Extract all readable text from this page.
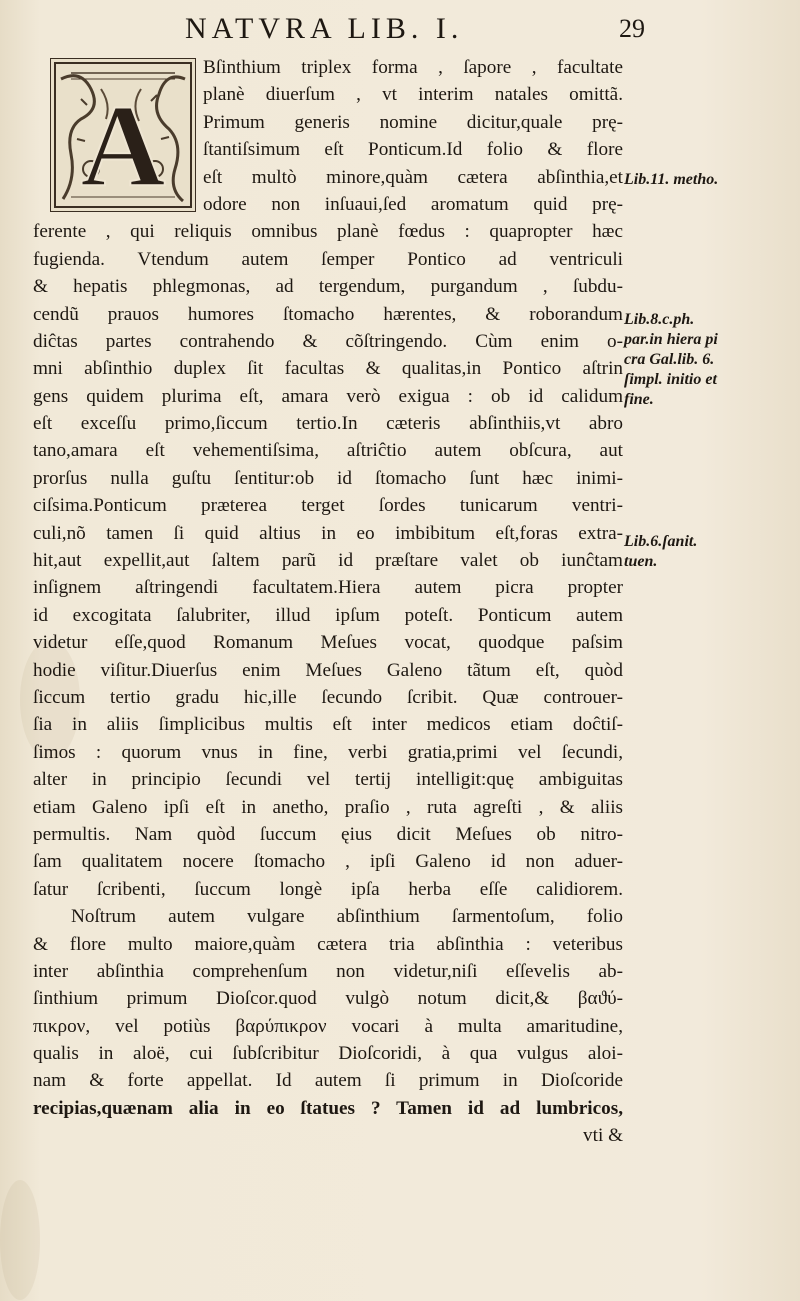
NATVRA LIB. I.	29
A
Bſinthium triplex forma , ſapore , facultate
planè diuerſum , vt interim natales omittã.
Primum generis nomine dicitur,quale prę-
ſtantiſsimum eſt Ponticum.Id folio & flore
eſt multò minore,quàm cætera abſinthia,et
odore non inſuaui,ſed aromatum quid prę-
ferente , qui reliquis omnibus planè fœdus : quapropter hæc
fugienda. Vtendum autem ſemper Pontico ad ventriculi
& hepatis phlegmonas, ad tergendum, purgandum , ſubdu-
cendũ prauos humores ſtomacho hærentes, & roborandum
diĉtas partes contrahendo & cõſtringendo. Cùm enim o-
mni abſinthio duplex ſit facultas & qualitas,in Pontico aſtrin
gens quidem plurima eſt, amara verò exigua : ob id calidum
eſt exceſſu primo,ſiccum tertio.In cæteris abſinthiis,vt abro
tano,amara eſt vehementiſsima, aſtriĉtio autem obſcura, aut
prorſus nulla guſtu ſentitur:ob id ſtomacho ſunt hæc inimi-
ciſsima.Ponticum præterea terget ſordes tunicarum ventri-
culi,nõ tamen ſi quid altius in eo imbibitum eſt,foras extra-
hit,aut expellit,aut ſaltem parũ id præſtare valet ob iunĉtam
inſignem aſtringendi facultatem.Hiera autem picra propter
id excogitata ſalubriter, illud ipſum poteſt. Ponticum autem
videtur eſſe,quod Romanum Meſues vocat, quodque paſsim
hodie viſitur.Diuerſus enim Meſues Galeno tãtum eſt, quòd
ſiccum tertio gradu hic,ille ſecundo ſcribit. Quæ controuer-
ſia in aliis ſimplicibus multis eſt inter medicos etiam doĉtiſ-
ſimos : quorum vnus in fine, verbi gratia,primi vel ſecundi,
alter in principio ſecundi vel tertij intelligit:quę ambiguitas
etiam Galeno ipſi eſt in anetho, praſio , ruta agreſti , & aliis
permultis. Nam quòd ſuccum ęius dicit Meſues ob nitro-
ſam qualitatem nocere ſtomacho , ipſi Galeno id non aduer-
ſatur ſcribenti, ſuccum longè ipſa herba eſſe calidiorem.
Noſtrum autem vulgare abſinthium ſarmentoſum, folio
& flore multo maiore,quàm cætera tria abſinthia : veteribus
inter abſinthia comprehenſum non videtur,niſi eſſevelis ab-
ſinthium primum Dioſcor.quod vulgò notum dicit,& βαϑύ-
πικρον, vel potiùs βαρύπικρον vocari à multa amaritudine,
qualis in aloë, cui ſubſcribitur Dioſcoridi, à qua vulgus aloi-
nam & forte appellat. Id autem ſi primum in Dioſcoride
recipias,quænam alia in eo ſtatues ? Tamen id ad lumbricos,
vti &
Lib.11. metho.
Lib.8.c.ph.
par.in hiera pi
cra Gal.lib. 6.
ſimpl. initio et
fine.
Lib.6.ſanit.
tuen.
